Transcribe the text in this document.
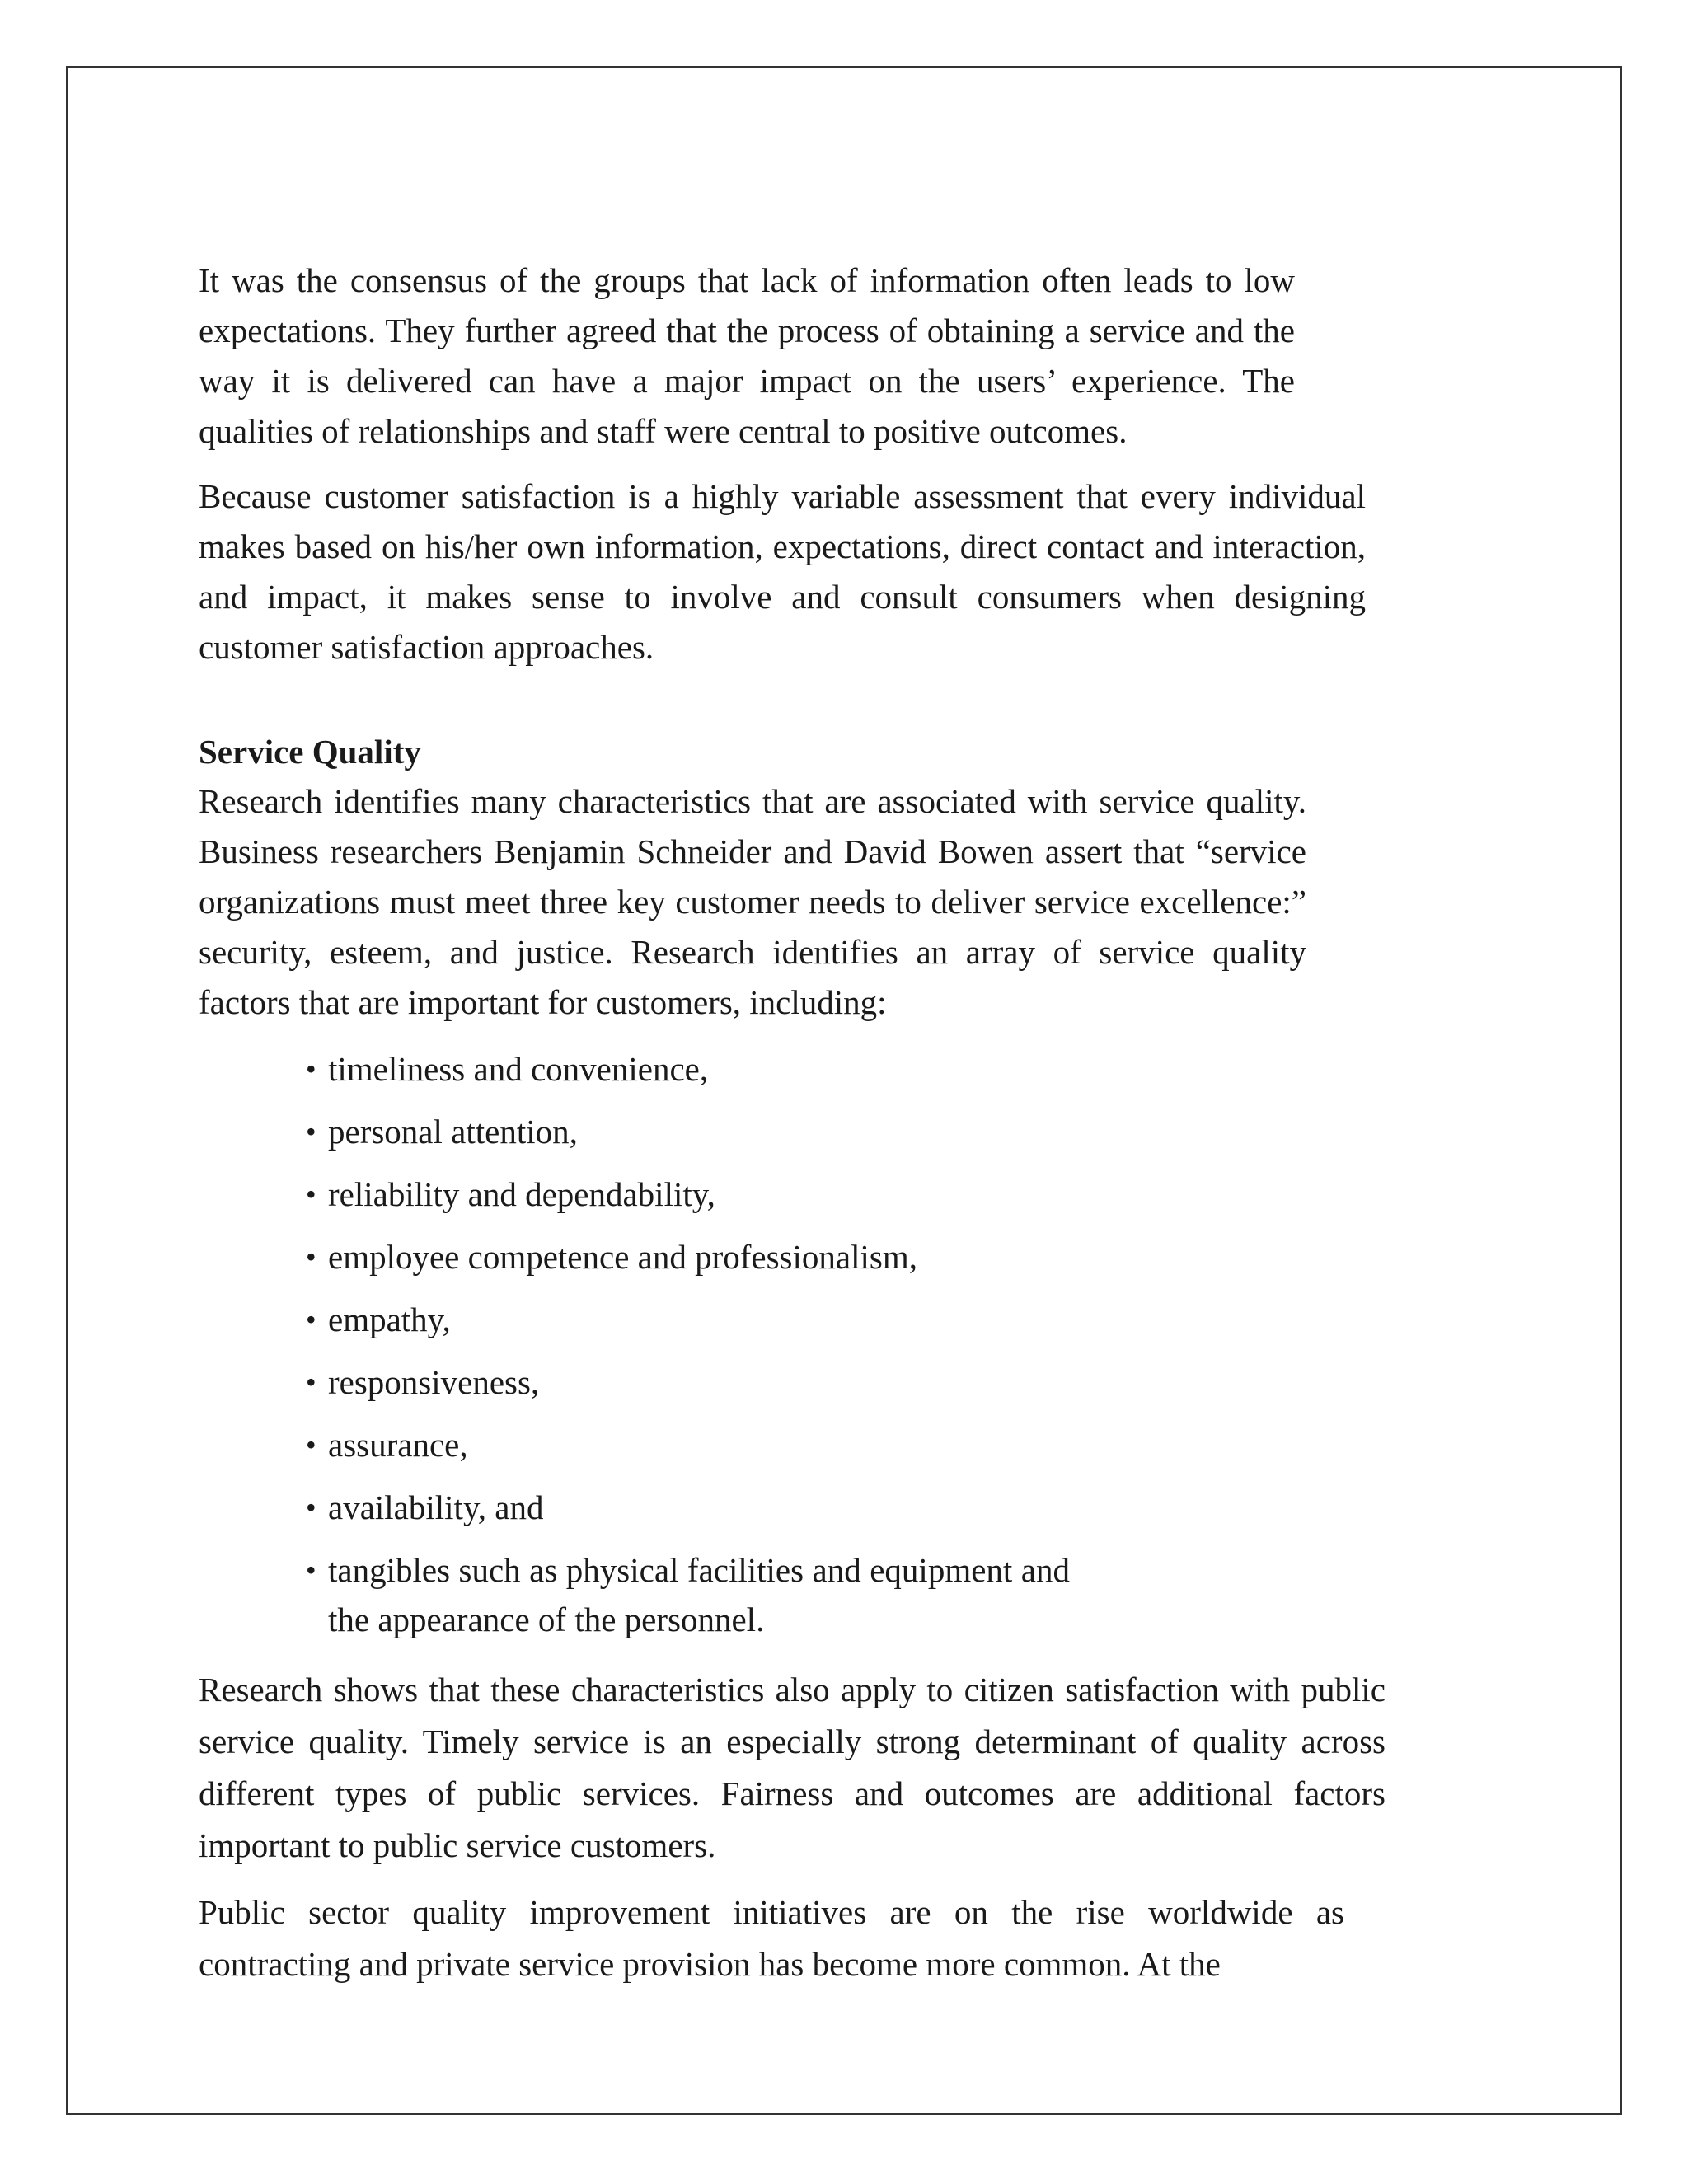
It was the consensus of the groups that lack of information often leads to low expectations. They further agreed that the process of obtaining a service and the way it is delivered can have a major impact on the users’ experience. The qualities of relationships and staff were central to positive outcomes.

Because customer satisfaction is a highly variable assessment that every individual makes based on his/her own information, expectations, direct contact and interaction, and impact, it makes sense to involve and consult consumers when designing customer satisfaction approaches.

Service Quality

Research identifies many characteristics that are associated with service quality. Business researchers Benjamin Schneider and David Bowen assert that “service organizations must meet three key customer needs to deliver service excellence:” security, esteem, and justice. Research identifies an array of service quality factors that are important for customers, including:

• timeliness and convenience,
• personal attention,
• reliability and dependability,
• employee competence and professionalism,
• empathy,
• responsiveness,
• assurance,
• availability, and
• tangibles such as physical facilities and equipment and the appearance of the personnel.

Research shows that these characteristics also apply to citizen satisfaction with public service quality. Timely service is an especially strong determinant of quality across different types of public services. Fairness and outcomes are additional factors important to public service customers.

Public sector quality improvement initiatives are on the rise worldwide as contracting and private service provision has become more common. At the
